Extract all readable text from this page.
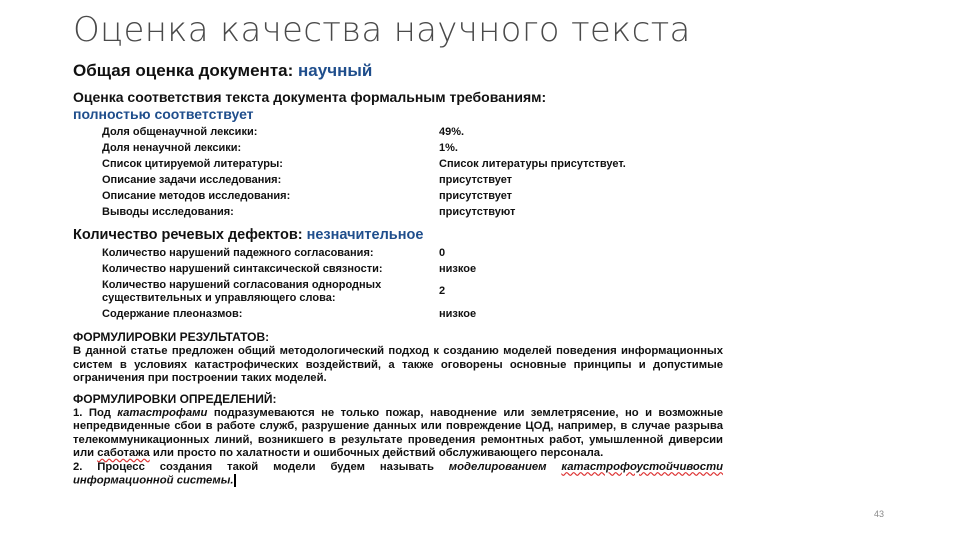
Оценка качества научного текста
Общая оценка документа: научный
Оценка соответствия текста документа формальным требованиям:
полностью соответствует
Доля общенаучной лексики:	49%.
Доля ненаучной лексики:	1%.
Список цитируемой литературы:	Список литературы присутствует.
Описание задачи исследования:	присутствует
Описание методов исследования:	присутствует
Выводы исследования:	присутствуют
Количество речевых дефектов: незначительное
Количество нарушений падежного согласования:	0
Количество нарушений синтаксической связности:	низкое
Количество нарушений согласования однородных существительных и управляющего слова:
2
Содержание плеоназмов:	низкое
ФОРМУЛИРОВКИ РЕЗУЛЬТАТОВ:
В данной статье предложен общий методологический подход к созданию моделей поведения информационных систем в условиях катастрофических воздействий, а также оговорены основные принципы и допустимые ограничения при построении таких моделей.
ФОРМУЛИРОВКИ ОПРЕДЕЛЕНИЙ:
1. Под катастрофами подразумеваются не только пожар, наводнение или землетрясение, но и возможные непредвиденные сбои в работе служб, разрушение данных или повреждение ЦОД, например, в случае разрыва телекоммуникационных линий, возникшего в результате проведения ремонтных работ, умышленной диверсии или саботажа или просто по халатности и ошибочных действий обслуживающего персонала.
2. Процесс создания такой модели будем называть моделированием катастрофоустойчивости информационной системы.
43
